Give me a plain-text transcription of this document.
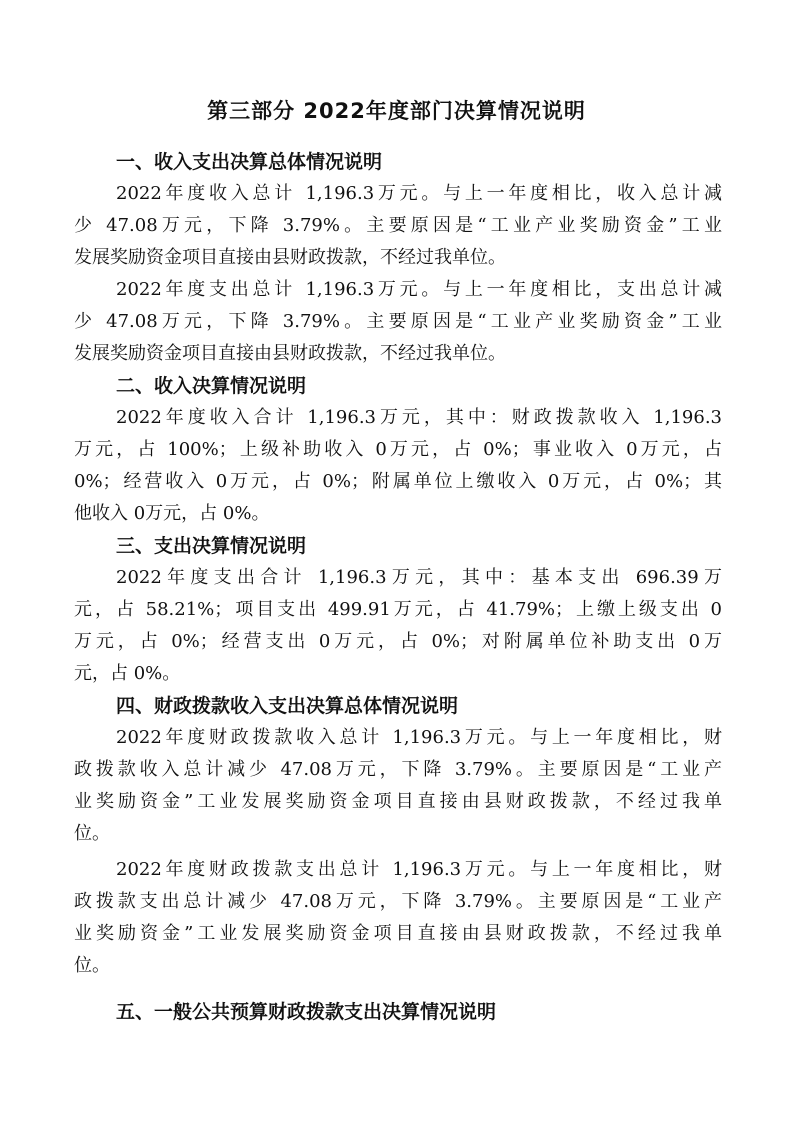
第三部分 2022年度部门决算情况说明
一、收入支出决算总体情况说明
2022年度收入总计 1,196.3万元。与上一年度相比，收入总计减
少 47.08万元，下降 3.79%。主要原因是“工业产业奖励资金”工业
发展奖励资金项目直接由县财政拨款，不经过我单位。
2022年度支出总计 1,196.3万元。与上一年度相比，支出总计减
少 47.08万元，下降 3.79%。主要原因是“工业产业奖励资金”工业
发展奖励资金项目直接由县财政拨款，不经过我单位。
二、收入决算情况说明
2022年度收入合计 1,196.3万元，其中：财政拨款收入 1,196.3
万元，占 100%；上级补助收入 0万元，占 0%；事业收入 0万元，占
0%；经营收入 0万元，占 0%；附属单位上缴收入 0万元，占 0%；其
他收入 0万元，占 0%。
三、支出决算情况说明
2022年度支出合计 1,196.3万元，其中：基本支出 696.39万
元，占 58.21%；项目支出 499.91万元，占 41.79%；上缴上级支出 0
万元，占 0%；经营支出 0万元，占 0%；对附属单位补助支出 0万
元，占 0%。
四、财政拨款收入支出决算总体情况说明
2022年度财政拨款收入总计 1,196.3万元。与上一年度相比，财
政拨款收入总计减少 47.08万元，下降 3.79%。主要原因是“工业产
业奖励资金”工业发展奖励资金项目直接由县财政拨款，不经过我单
位。
2022年度财政拨款支出总计 1,196.3万元。与上一年度相比，财
政拨款支出总计减少 47.08万元，下降 3.79%。主要原因是“工业产
业奖励资金”工业发展奖励资金项目直接由县财政拨款，不经过我单
位。
五、一般公共预算财政拨款支出决算情况说明
